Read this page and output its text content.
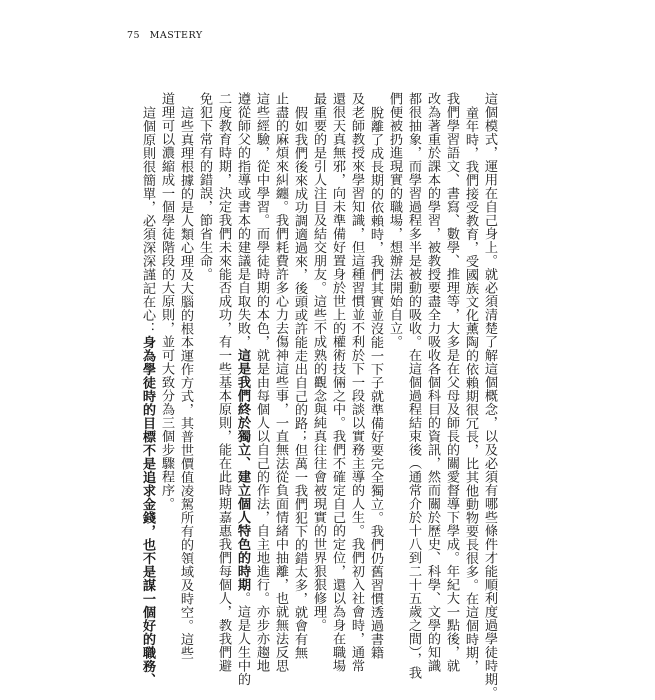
75 MASTERY
這個模式，運用在自己身上。就必須清楚了解這個概念，以及必須有哪些條件才能順利度過學徒時期。
童年時，我們接受教育，受國族文化薰陶的依賴期很冗長，比其他動物要長很多。在這個時期，
我們學習語文、書寫、數學、推理等，大多是在父母及師長的關愛督導下學成。年紀大一點後，就
改為著重於課本的學習，被教授要盡全力吸收各個科目的資訊，然而關於歷史、科學、文學的知識
都很抽象，而學習過程多半是被動的吸收。在這個過程結束後（通常介於十八到二十五歲之間），我
們便被扔進現實的職場，想辦法開始自立。
脫離了成長期的依賴時，我們其實並沒能一下子就準備好要完全獨立。我們仍舊習慣透過書籍
及老師教授來學習知識，但這種習慣並不利於下一段談以實務主導的人生。我們初入社會時，通常
還很天真無邪，向未準備好置身於世上的權術技倆之中。我們不確定自己的定位，還以為身在職場
最重要的是引人注目及結交朋友。這些不成熟的觀念與純真往往會被現實的世界狠狠修理。
假如我們後來成功調適過來，後頭或許能走出自己的路；但萬一我們犯下的錯太多，就會有無
止盡的麻煩來糾纏。我們耗費許多心力去傷神這些事，一直無法從負面情緒中抽離，也就無法反思
這些經驗，從中學習。而學徒時期的本色，就是由每個人以自己的作法，自主地進行。亦步亦趨地
遵從師父的指導或書本的建議是自取失敗，這是我們終於獨立、建立個人特色的時期。這是人生中的
二度教育時期，決定我們未來能否成功，有一些基本原則，能在此時期嘉惠我們每個人，教我們避
免犯下常有的錯誤，節省生命。
這些真理根據的是人類心理及大腦的根本運作方式，其普世價值凌駕所有的領域及時空。這些
道理可以濃縮成一個學徒階段的大原則，並可大致分為三個步驟程序。
這個原則很簡單，必須深深謹記在心：身為學徒時的目標不是追求金錢，也不是謀一個好的職務、
